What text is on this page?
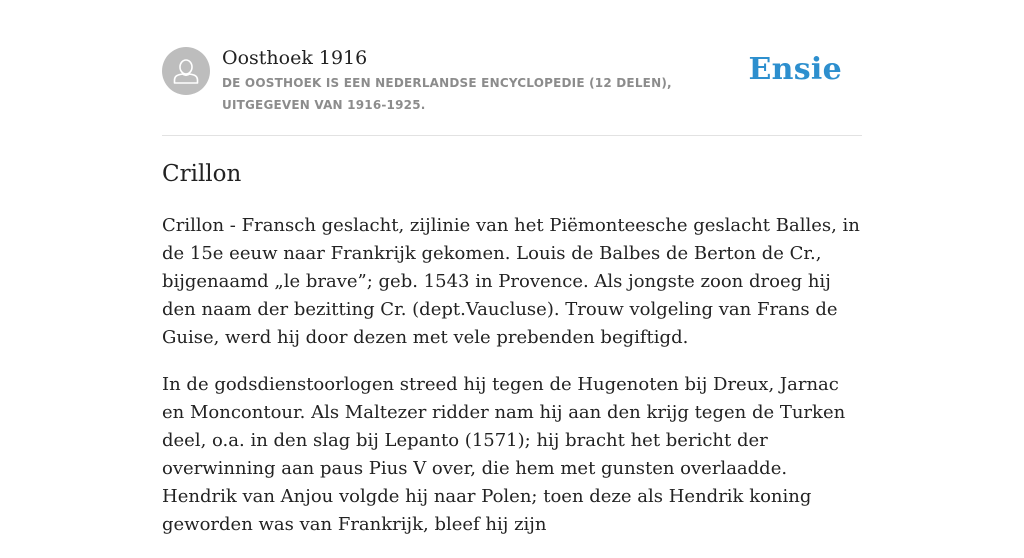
Oosthoek 1916
DE OOSTHOEK IS EEN NEDERLANDSE ENCYCLOPEDIE (12 DELEN), UITGEGEVEN VAN 1916-1925.
Ensie
Crillon

Crillon - Fransch geslacht, zijlinie van het Piëmonteesche geslacht Balles, in de 15e eeuw naar Frankrijk gekomen. Louis de Balbes de Berton de Cr., bijgenaamd „le brave”; geb. 1543 in Provence. Als jongste zoon droeg hij den naam der bezitting Cr. (dept.Vaucluse). Trouw volgeling van Frans de Guise, werd hij door dezen met vele prebenden begiftigd.

In de godsdienstoorlogen streed hij tegen de Hugenoten bij Dreux, Jarnac en Moncontour. Als Maltezer ridder nam hij aan den krijg tegen de Turken deel, o.a. in den slag bij Lepanto (1571); hij bracht het bericht der overwinning aan paus Pius V over, die hem met gunsten overlaadde. Hendrik van Anjou volgde hij naar Polen; toen deze als Hendrik koning geworden was van Frankrijk, bleef hij zijn
